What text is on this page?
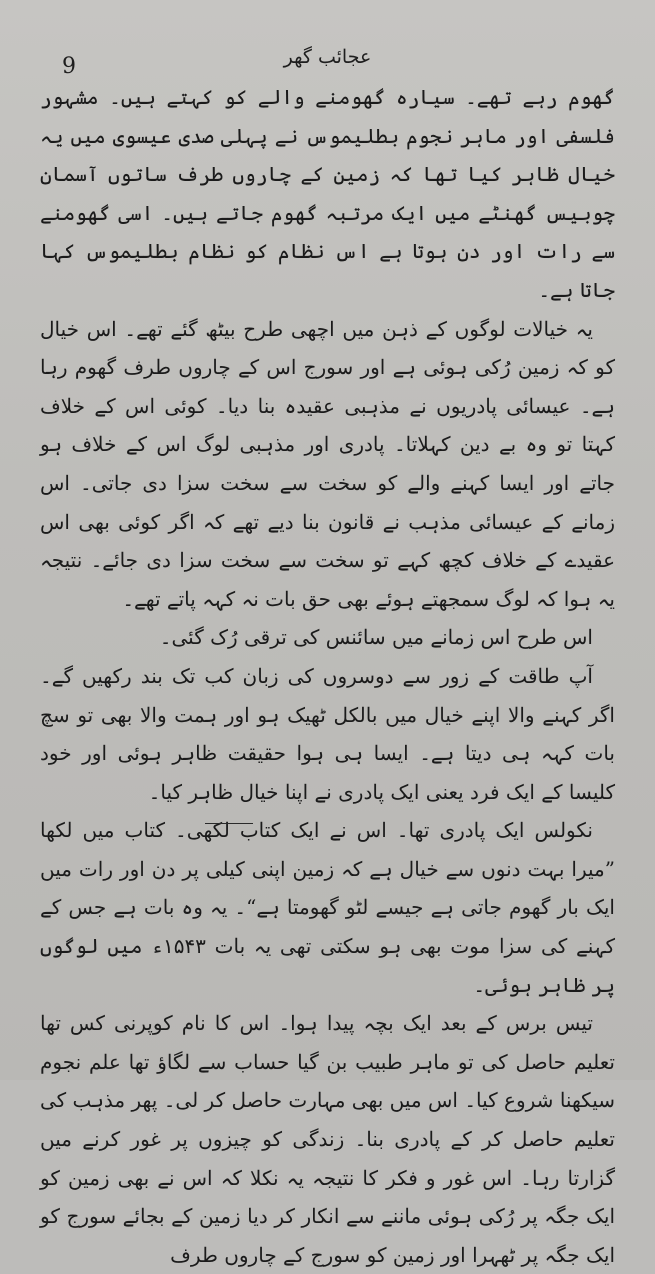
9	عجائب گھر

گھوم رہے تھے۔ سیارہ گھومنے والے کو کہتے ہیں۔ مشہور فلسفی اور ماہر نجوم بطلیموس نے پہلی صدی عیسوی میں یہ خیال ظاہر کیا تھا کہ زمین کے چاروں طرف ساتوں آسمان چوبیس گھنٹے میں ایک مرتبہ گھوم جاتے ہیں۔ اسی گھومنے سے رات اور دن ہوتا ہے اس نظام کو نظام بطلیموس کہا جاتا ہے۔

یہ خیالات لوگوں کے ذہن میں اچھی طرح بیٹھ گئے تھے۔ اس خیال کو کہ زمین رُکی ہوئی ہے اور سورج اس کے چاروں طرف گھوم رہا ہے۔ عیسائی پادریوں نے مذہبی عقیدہ بنا دیا۔ کوئی اس کے خلاف کہتا تو وہ بے دین کہلاتا۔ پادری اور مذہبی لوگ اس کے خلاف ہو جاتے اور ایسا کہنے والے کو سخت سے سخت سزا دی جاتی۔ اس زمانے کے عیسائی مذہب نے قانون بنا دیے تھے کہ اگر کوئی بھی اس عقیدے کے خلاف کچھ کہے تو سخت سے سخت سزا دی جائے۔ نتیجہ یہ ہوا کہ لوگ سمجھتے ہوئے بھی حق بات نہ کہہ پاتے تھے۔

اس طرح اس زمانے میں سائنس کی ترقی رُک گئی۔

آپ طاقت کے زور سے دوسروں کی زبان کب تک بند رکھیں گے۔ اگر کہنے والا اپنے خیال میں بالکل ٹھیک ہو اور ہمت والا بھی تو سچ بات کہہ ہی دیتا ہے۔ ایسا ہی ہوا حقیقت ظاہر ہوئی اور خود کلیسا کے ایک فرد یعنی ایک پادری نے اپنا خیال ظاہر کیا۔

نکولس ایک پادری تھا۔ اس نے ایک کتاب لکھی۔ کتاب میں لکھا ”میرا بہت دنوں سے خیال ہے کہ زمین اپنی کیلی پر دن اور رات میں ایک بار گھوم جاتی ہے جیسے لٹو گھومتا ہے“۔ یہ وہ بات ہے جس کے کہنے کی سزا موت بھی ہو سکتی تھی یہ بات ۱۵۴۳ء میں لوگوں پر ظاہر ہوئی۔

تیس برس کے بعد ایک بچہ پیدا ہوا۔ اس کا نام کوپرنی کس تھا تعلیم حاصل کی تو ماہر طبیب بن گیا حساب سے لگاؤ تھا علم نجوم سیکھنا شروع کیا۔ اس میں بھی مہارت حاصل کر لی۔ پھر مذہب کی تعلیم حاصل کر کے پادری بنا۔ زندگی کو چیزوں پر غور کرنے میں گزارتا رہا۔ اس غور و فکر کا نتیجہ یہ نکلا کہ اس نے بھی زمین کو ایک جگہ پر رُکی ہوئی ماننے سے انکار کر دیا زمین کے بجائے سورج کو ایک جگہ پر ٹھہرا اور زمین کو سورج کے چاروں طرف
